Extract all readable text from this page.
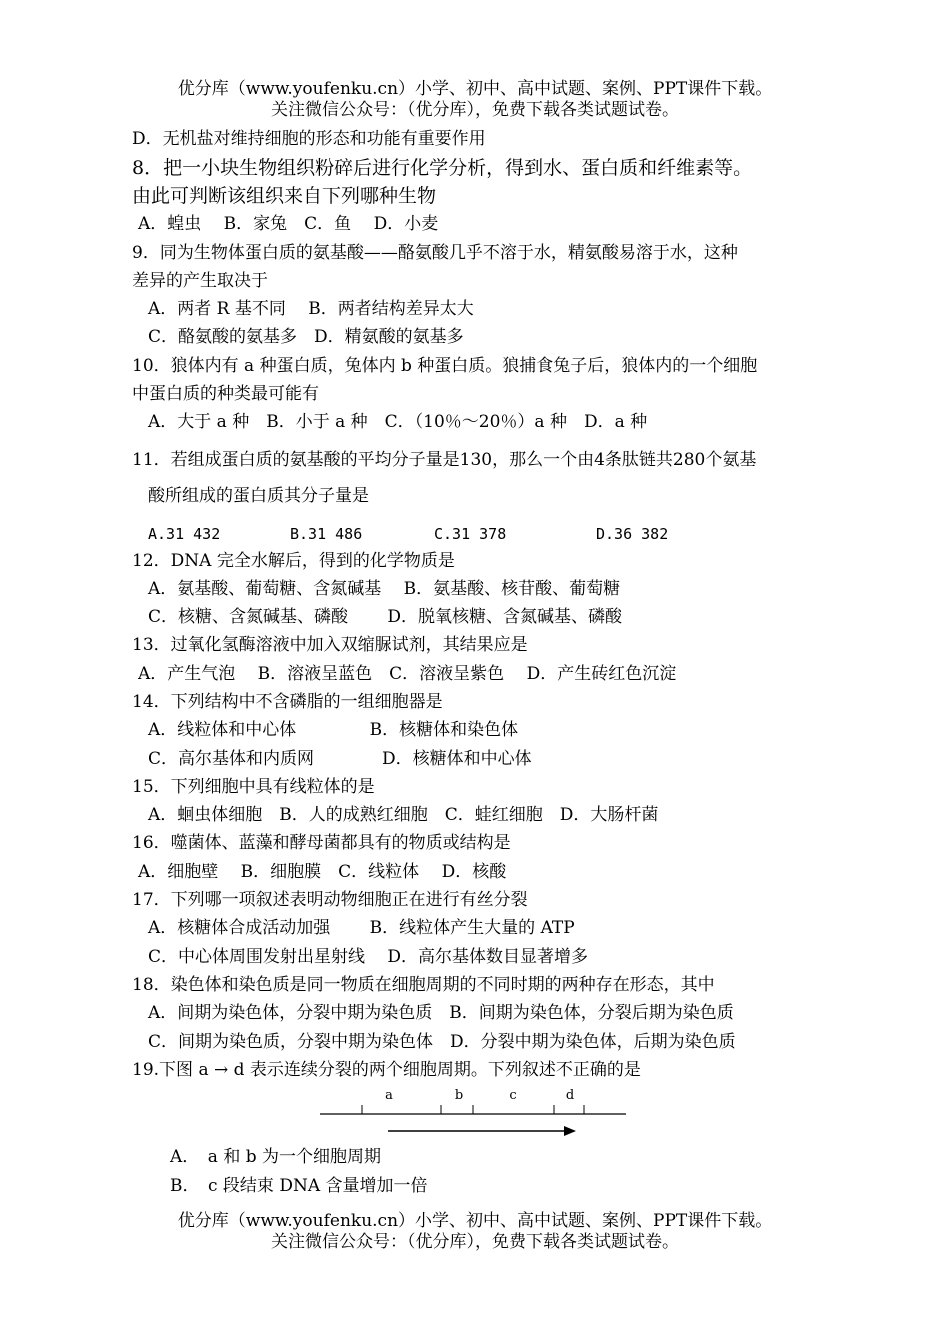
优分库（www.youfenku.cn）小学、初中、高中试题、案例、PPT课件下载。
关注微信公众号：（优分库），免费下载各类试题试卷。
D．无机盐对维持细胞的形态和功能有重要作用
8．把一小块生物组织粉碎后进行化学分析，得到水、蛋白质和纤维素等。
由此可判断该组织来自下列哪种生物
A．蝗虫　 B．家兔　C．鱼　 D．小麦
9．同为生物体蛋白质的氨基酸——酪氨酸几乎不溶于水，精氨酸易溶于水，这种
差异的产生取决于
A．两者 R 基不同　 B．两者结构差异太大
C．酪氨酸的氨基多　D．精氨酸的氨基多
10．狼体内有 a 种蛋白质，兔体内 b 种蛋白质。狼捕食兔子后，狼体内的一个细胞
中蛋白质的种类最可能有
A．大于 a 种　B．小于 a 种　C．（10％～20％）a 种　D．a 种
11．若组成蛋白质的氨基酸的平均分子量是130，那么一个由4条肽链共280个氨基
酸所组成的蛋白质其分子量是
A.31 432	B.31 486	C.31 378	D.36 382
12．DNA 完全水解后，得到的化学物质是
A．氨基酸、葡萄糖、含氮碱基　 B．氨基酸、核苷酸、葡萄糖
C．核糖、含氮碱基、磷酸　　 D．脱氧核糖、含氮碱基、磷酸
13．过氧化氢酶溶液中加入双缩脲试剂，其结果应是
A．产生气泡　 B．溶液呈蓝色　C．溶液呈紫色　 D．产生砖红色沉淀
14．下列结构中不含磷脂的一组细胞器是
A．线粒体和中心体　　　　 B．核糖体和染色体
C．高尔基体和内质网　　　　D．核糖体和中心体
15．下列细胞中具有线粒体的是
A．蛔虫体细胞　B．人的成熟红细胞　C．蛙红细胞　D．大肠杆菌
16．噬菌体、蓝藻和酵母菌都具有的物质或结构是
A．细胞壁　 B．细胞膜　C．线粒体　 D．核酸
17．下列哪一项叙述表明动物细胞正在进行有丝分裂
A．核糖体合成活动加强　　 B．线粒体产生大量的 ATP
C．中心体周围发射出星射线　 D．高尔基体数目显著增多
18．染色体和染色质是同一物质在细胞周期的不同时期的两种存在形态，其中
A．间期为染色体，分裂中期为染色质　B．间期为染色体，分裂后期为染色质
C．间期为染色质，分裂中期为染色体　D．分裂中期为染色体，后期为染色质
19.下图 a → d 表示连续分裂的两个细胞周期。下列叙述不正确的是
a	b	c	d
A．　a 和 b 为一个细胞周期
B．　c 段结束 DNA 含量增加一倍
优分库（www.youfenku.cn）小学、初中、高中试题、案例、PPT课件下载。
关注微信公众号：（优分库），免费下载各类试题试卷。
